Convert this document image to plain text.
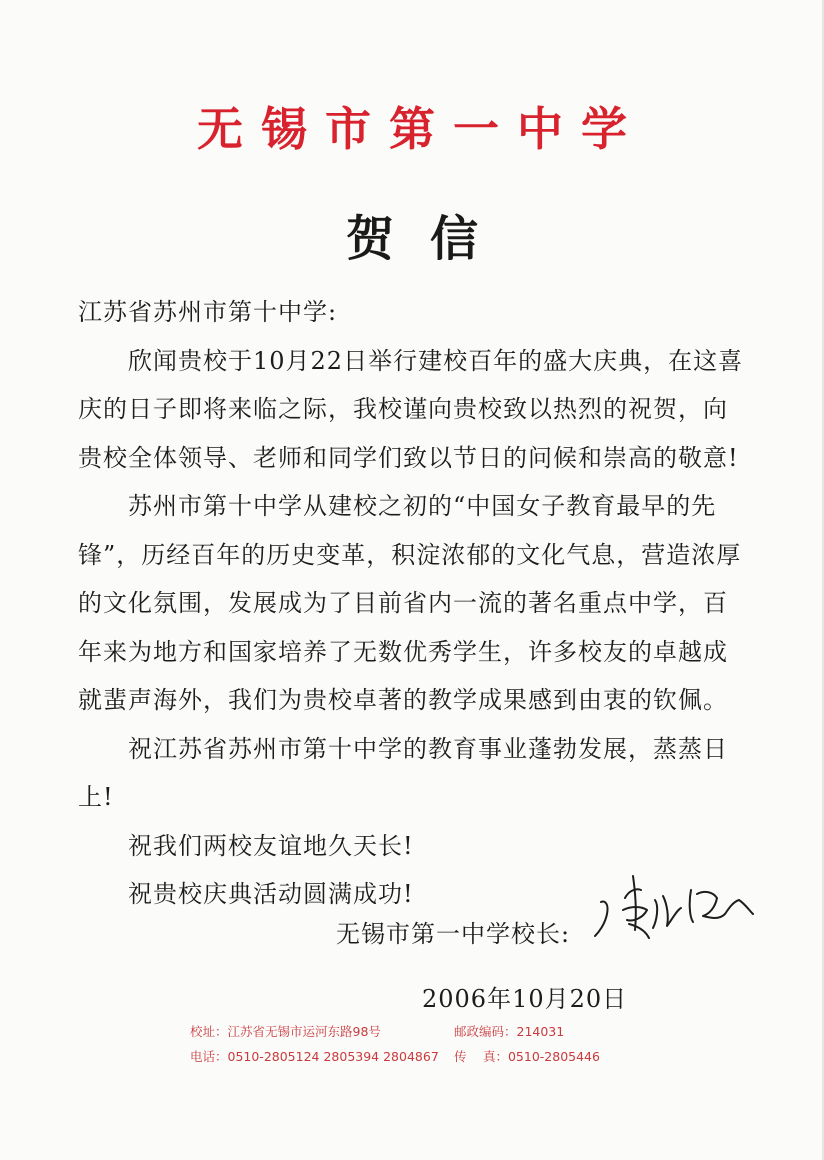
无锡市第一中学
贺信

江苏省苏州市第十中学:

欣闻贵校于10月22日举行建校百年的盛大庆典，在这喜庆的日子即将来临之际，我校谨向贵校致以热烈的祝贺，向贵校全体领导、老师和同学们致以节日的问候和崇高的敬意!

苏州市第十中学从建校之初的“中国女子教育最早的先锋”，历经百年的历史变革，积淀浓郁的文化气息，营造浓厚的文化氛围，发展成为了目前省内一流的著名重点中学，百年来为地方和国家培养了无数优秀学生，许多校友的卓越成就蜚声海外，我们为贵校卓著的教学成果感到由衷的钦佩。

祝江苏省苏州市第十中学的教育事业蓬勃发展，蒸蒸日上!

祝我们两校友谊地久天长!

祝贵校庆典活动圆满成功!

无锡市第一中学校长:
2006年10月20日
校址：江苏省无锡市运河东路98号	邮政编码：214031
电话：0510-2805124 2805394 2804867 传　 真：0510-2805446
